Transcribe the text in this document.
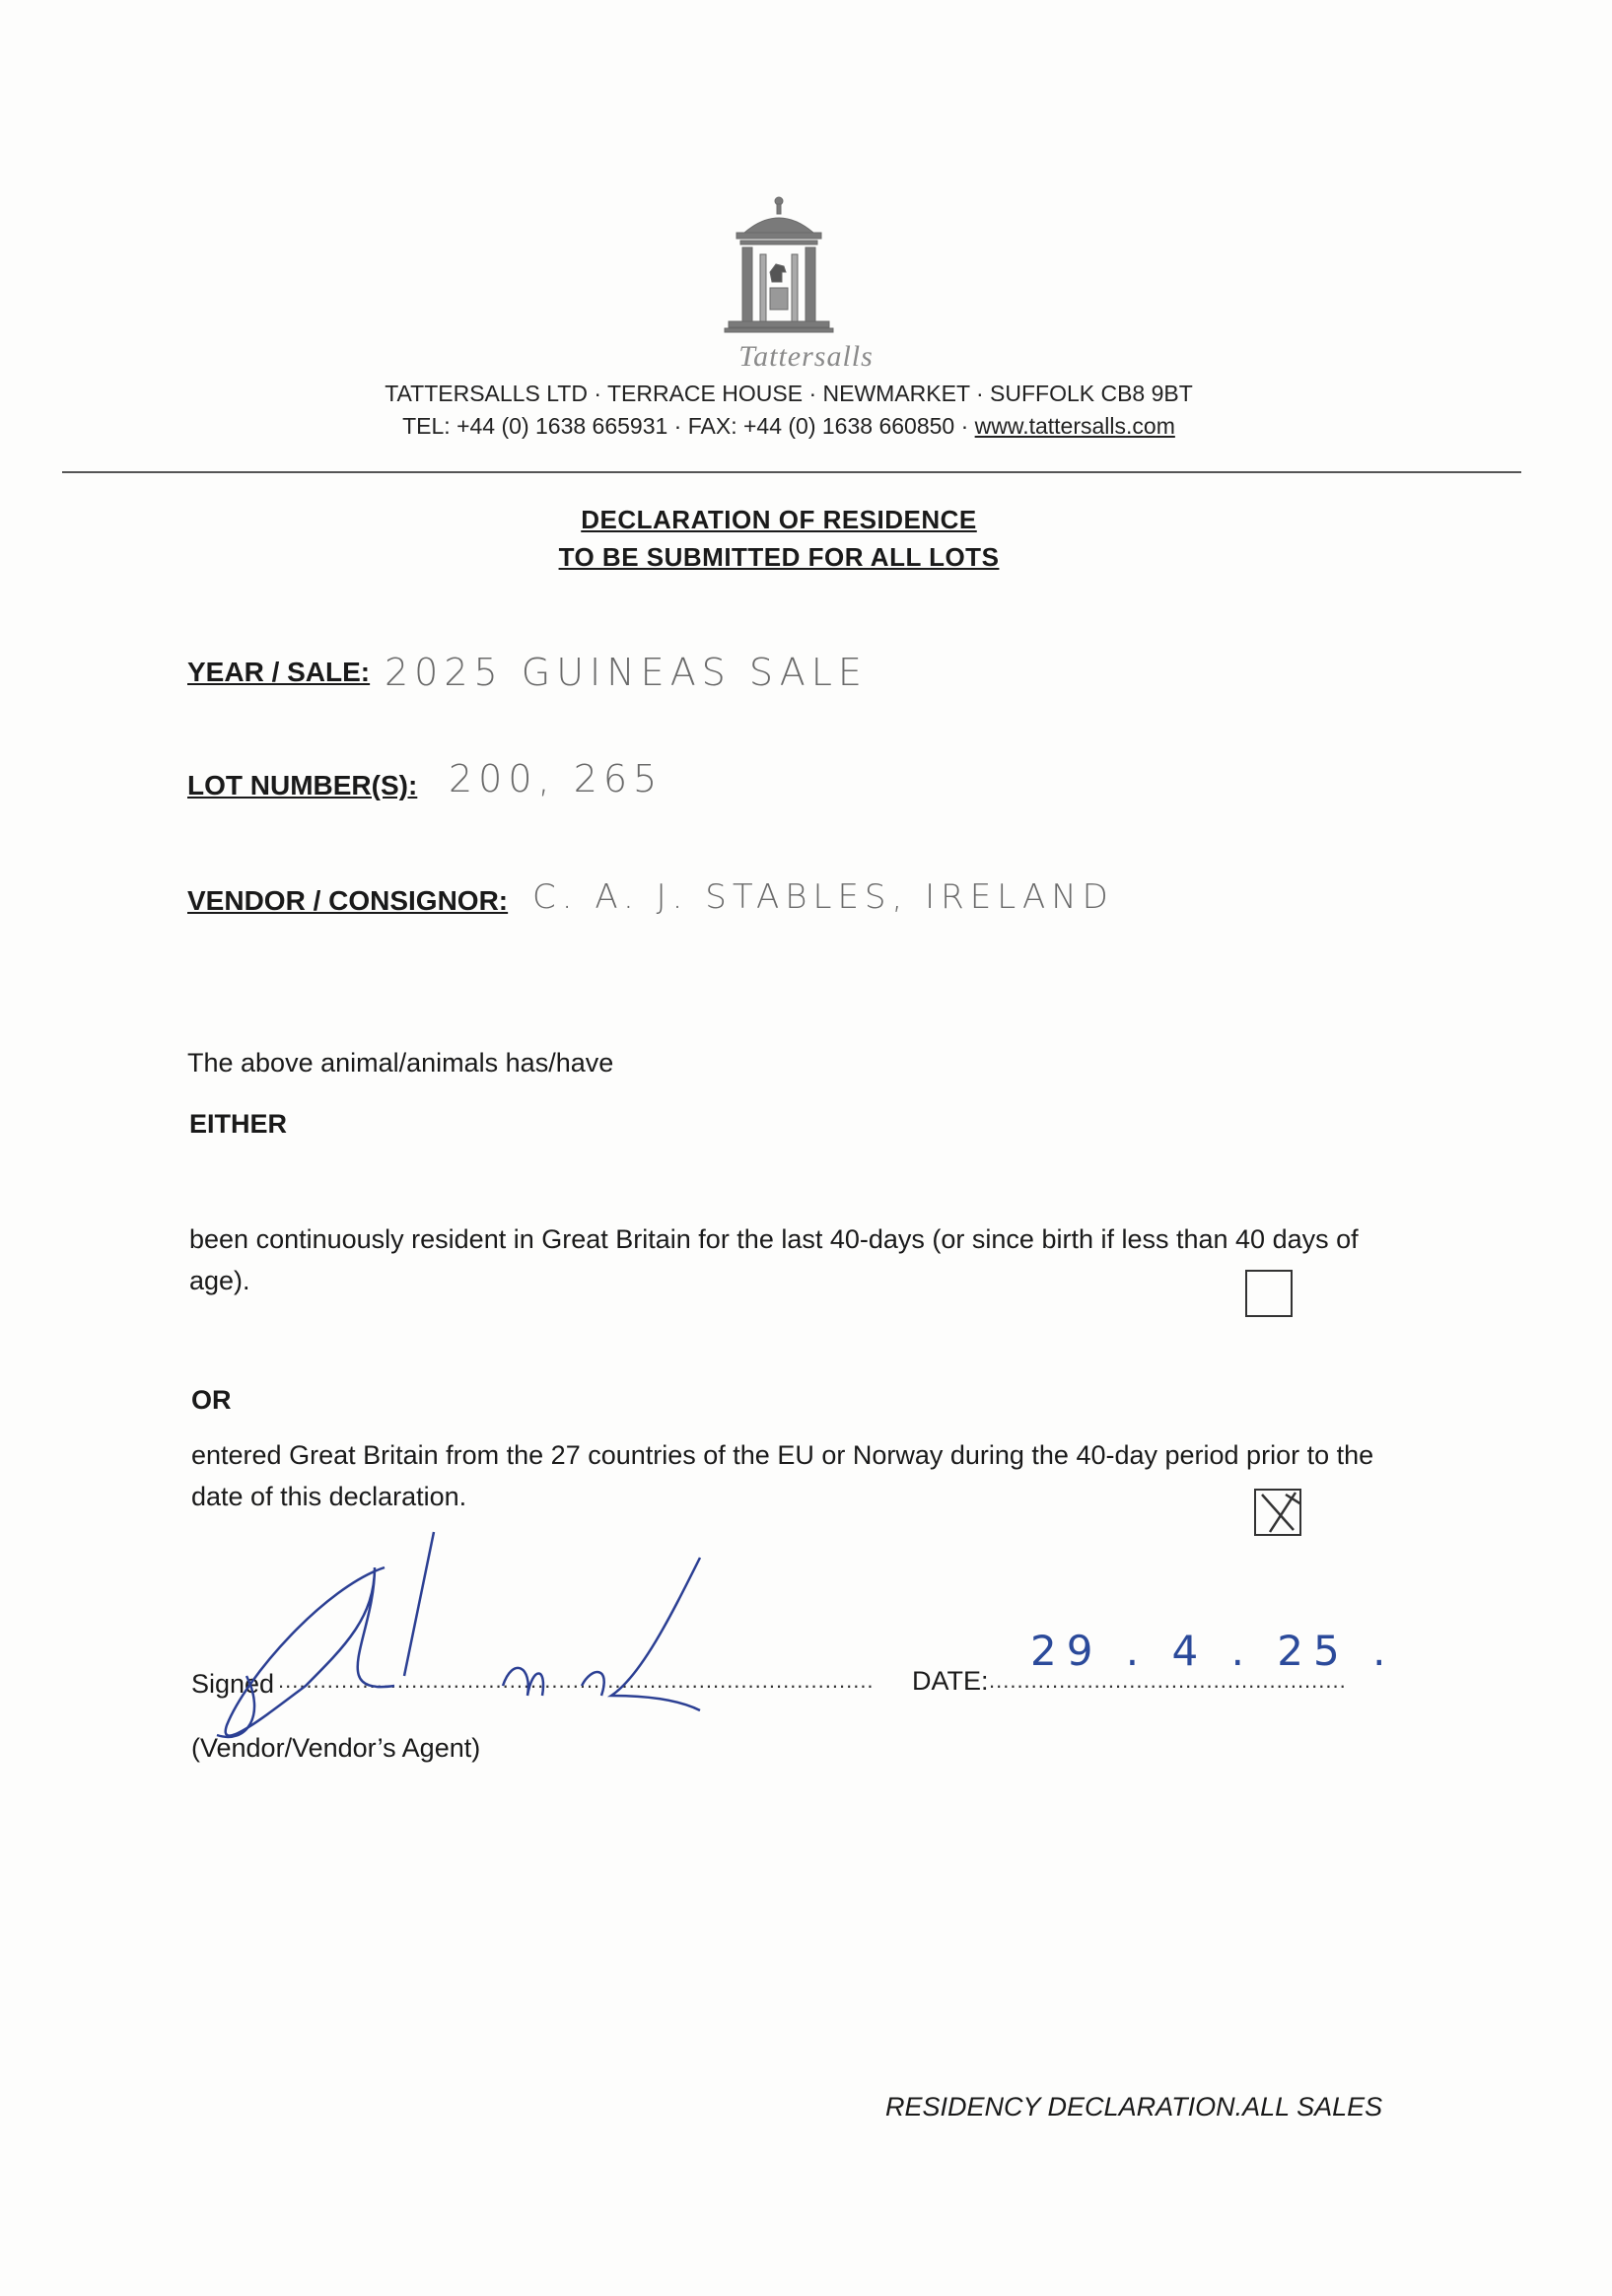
Tattersalls
TATTERSALLS LTD · TERRACE HOUSE · NEWMARKET · SUFFOLK CB8 9BT
TEL: +44 (0) 1638 665931 · FAX: +44 (0) 1638 660850 · www.tattersalls.com
DECLARATION OF RESIDENCE
TO BE SUBMITTED FOR ALL LOTS
YEAR / SALE: 2025 GUINEAS SALE
LOT NUMBER(S): 200, 265
VENDOR / CONSIGNOR: C. A. J. STABLES, IRELAND
The above animal/animals has/have
EITHER
been continuously resident in Great Britain for the last 40-days (or since birth if less than 40 days of age).
OR
entered Great Britain from the 27 countries of the EU or Norway during the 40-day period prior to the date of this declaration.
Signed .....................................................................................
(Vendor/Vendor’s Agent)
DATE: ...................................................
29 . 4 . 25 .
RESIDENCY DECLARATION.ALL SALES
